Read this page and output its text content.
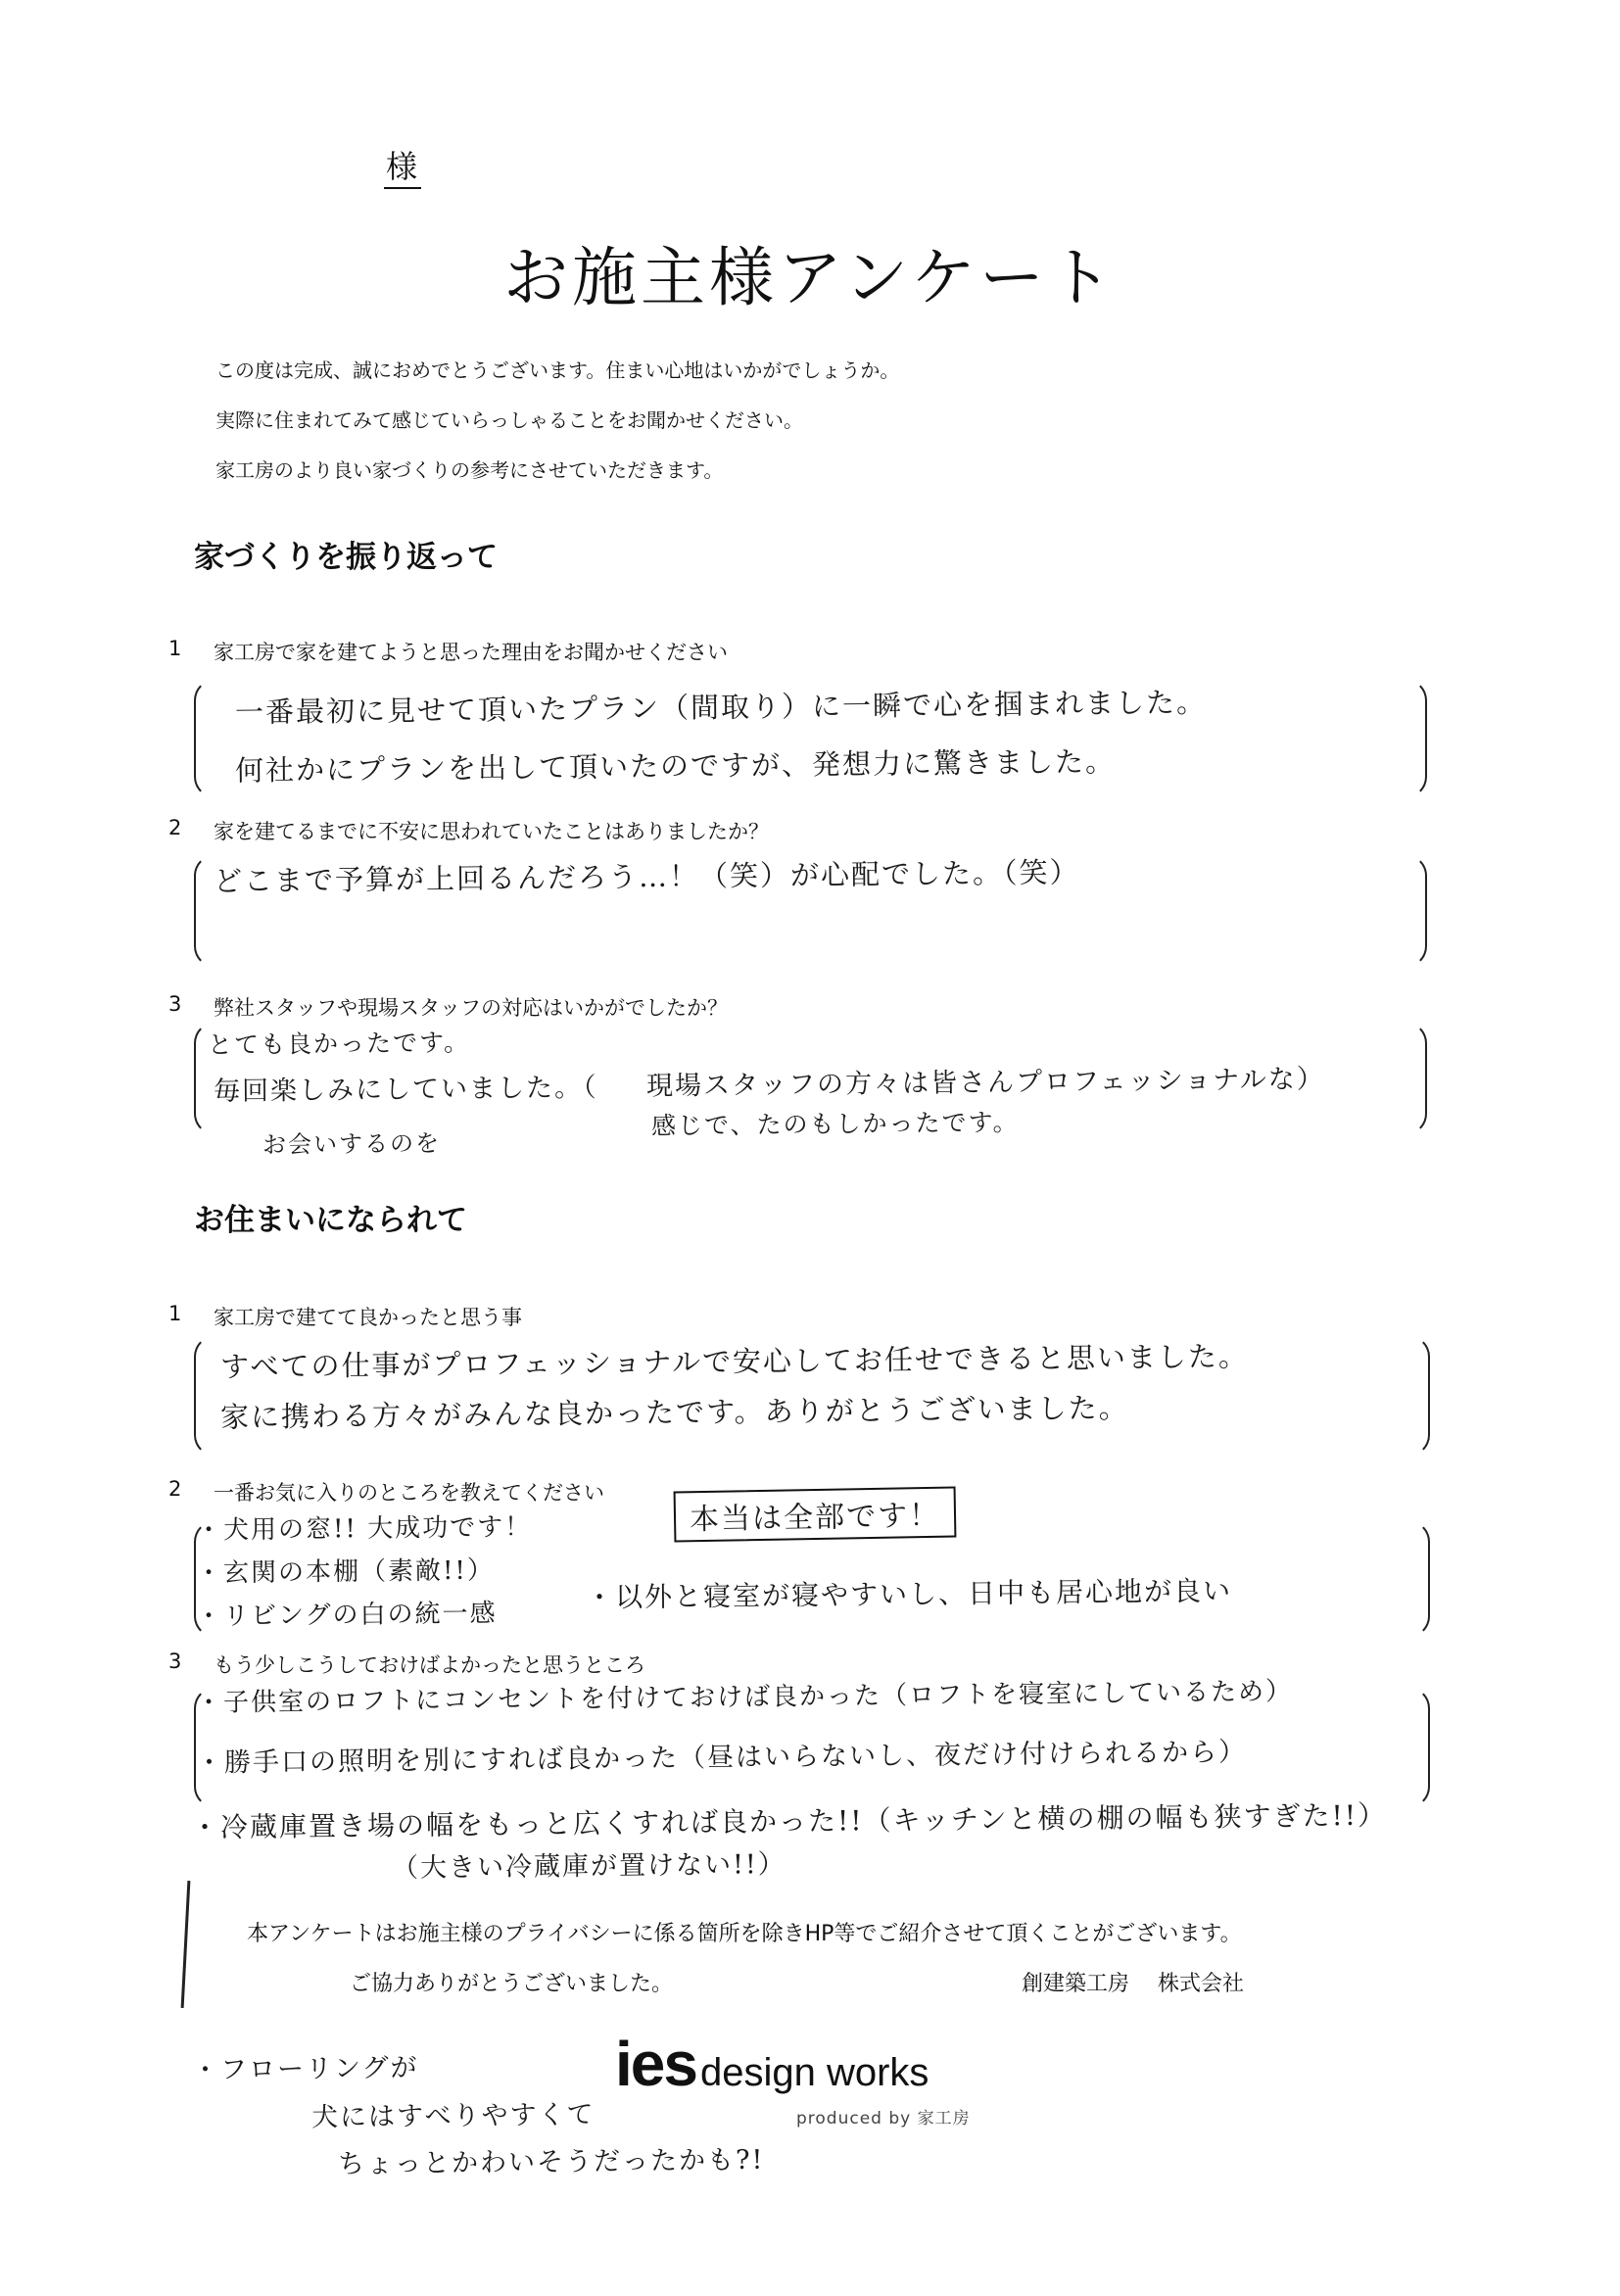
様
お施主様アンケート
この度は完成、誠におめでとうございます。住まい心地はいかがでしょうか。
実際に住まれてみて感じていらっしゃることをお聞かせください。
家工房のより良い家づくりの参考にさせていただきます。
家づくりを振り返って
1 家工房で家を建てようと思った理由をお聞かせください
一番最初に見せて頂いたプラン（間取り）に一瞬で心を掴まれました。
何社かにプランを出して頂いたのですが、発想力に驚きました。
2 家を建てるまでに不安に思われていたことはありましたか？
どこまで予算が上回るんだろう…！（笑）が心配でした。（笑）
3 弊社スタッフや現場スタッフの対応はいかがでしたか？
とても良かったです。
毎回楽しみにしていました。（
お会いするのを
現場スタッフの方々は皆さんプロフェッショナルな）
感じで、たのもしかったです。
お住まいになられて
1 家工房で建てて良かったと思う事
すべての仕事がプロフェッショナルで安心してお任せできると思いました。
家に携わる方々がみんな良かったです。ありがとうございました。
2 一番お気に入りのところを教えてください
本当は全部です！
・犬用の窓!! 大成功です！
・玄関の本棚（素敵!!）
・リビングの白の統一感
・以外と寝室が寝やすいし、日中も居心地が良い
3 もう少しこうしておけばよかったと思うところ
・子供室のロフトにコンセントを付けておけば良かった（ロフトを寝室にしているため）
・勝手口の照明を別にすれば良かった（昼はいらないし、夜だけ付けられるから）
・冷蔵庫置き場の幅をもっと広くすれば良かった!!（キッチンと横の棚の幅も狭すぎた!!）
（大きい冷蔵庫が置けない!!）
本アンケートはお施主様のプライバシーに係る箇所を除きHP等でご紹介させて頂くことがございます。
ご協力ありがとうございました。	創建築工房　 株式会社
ies design works
produced by 家工房
・フローリングが
犬にはすべりやすくて
ちょっとかわいそうだったかも?!
